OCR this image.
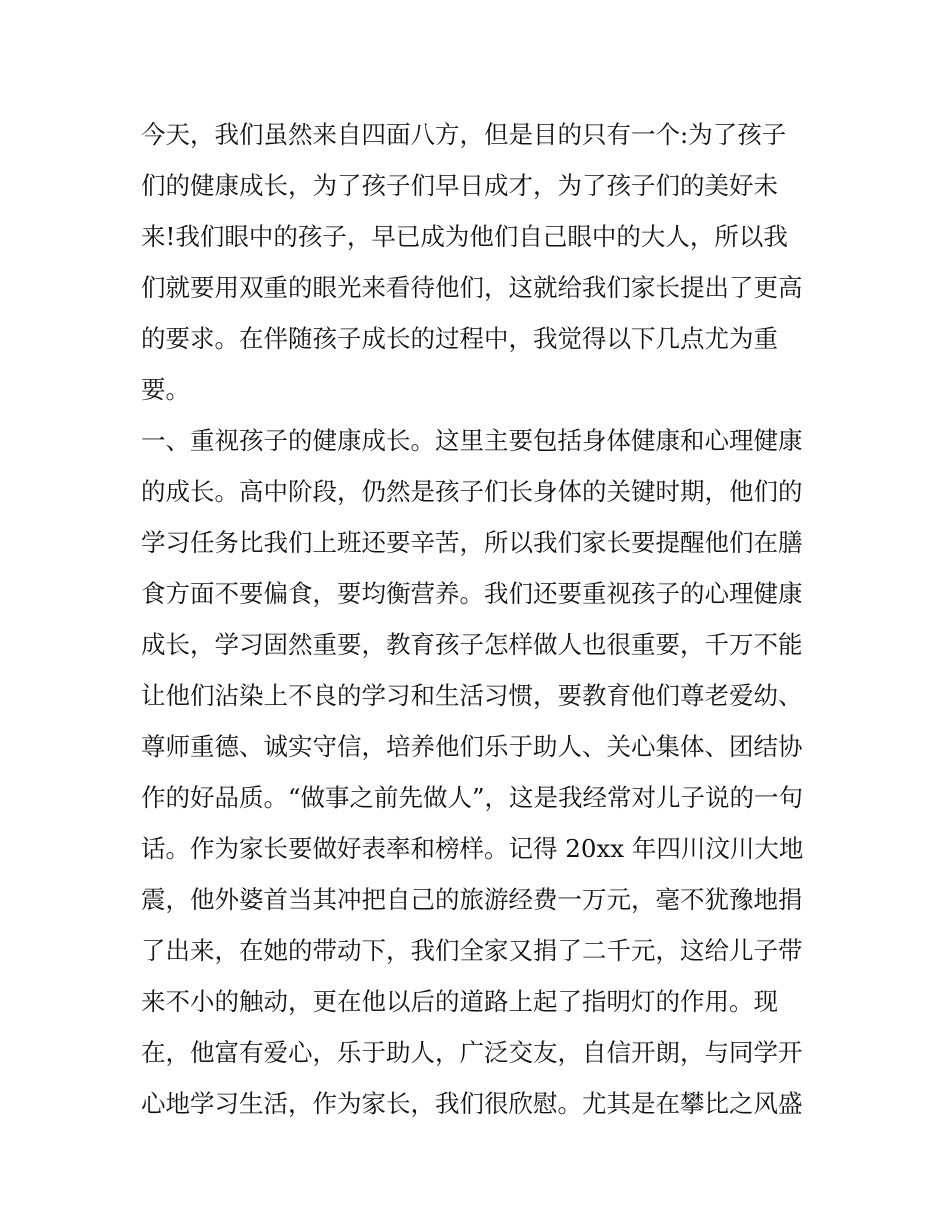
今天，我们虽然来自四面八方，但是目的只有一个:为了孩子
们的健康成长，为了孩子们早日成才，为了孩子们的美好未
来!我们眼中的孩子，早已成为他们自己眼中的大人，所以我
们就要用双重的眼光来看待他们，这就给我们家长提出了更高
的要求。在伴随孩子成长的过程中，我觉得以下几点尤为重
要。
一、重视孩子的健康成长。这里主要包括身体健康和心理健康
的成长。高中阶段，仍然是孩子们长身体的关键时期，他们的
学习任务比我们上班还要辛苦，所以我们家长要提醒他们在膳
食方面不要偏食，要均衡营养。我们还要重视孩子的心理健康
成长，学习固然重要，教育孩子怎样做人也很重要，千万不能
让他们沾染上不良的学习和生活习惯，要教育他们尊老爱幼、
尊师重德、诚实守信，培养他们乐于助人、关心集体、团结协
作的好品质。“做事之前先做人”，这是我经常对儿子说的一句
话。作为家长要做好表率和榜样。记得 20xx 年四川汶川大地
震，他外婆首当其冲把自己的旅游经费一万元，毫不犹豫地捐
了出来，在她的带动下，我们全家又捐了二千元，这给儿子带
来不小的触动，更在他以后的道路上起了指明灯的作用。现
在，他富有爱心，乐于助人，广泛交友，自信开朗，与同学开
心地学习生活，作为家长，我们很欣慰。尤其是在攀比之风盛
